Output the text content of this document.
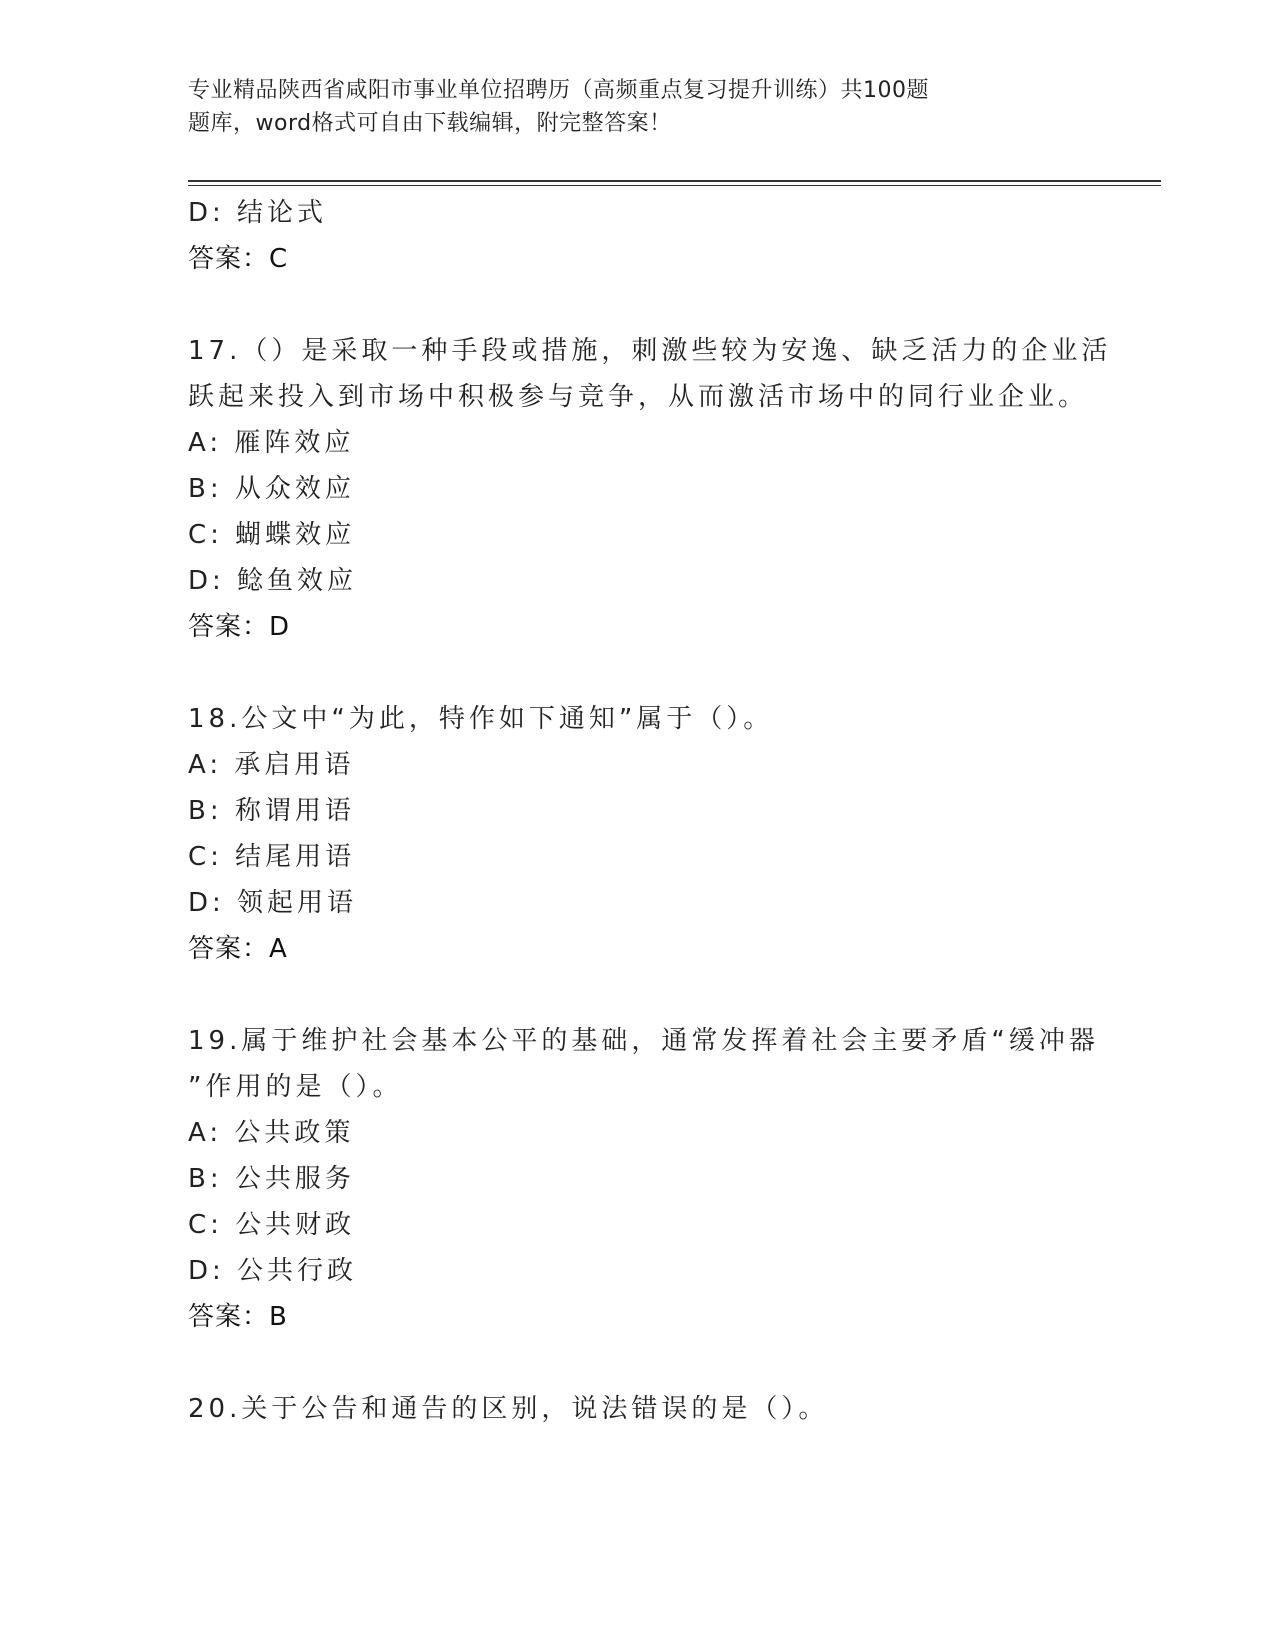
专业精品陕西省咸阳市事业单位招聘历（高频重点复习提升训练）共100题
题库，word格式可自由下载编辑，附完整答案！
D: 结论式
答案：C
17.（）是采取一种手段或措施，刺激些较为安逸、缺乏活力的企业活
跃起来投入到市场中积极参与竞争，从而激活市场中的同行业企业。
A: 雁阵效应
B: 从众效应
C: 蝴蝶效应
D: 鲶鱼效应
答案：D
18.公文中“为此，特作如下通知”属于（）。
A: 承启用语
B: 称谓用语
C: 结尾用语
D: 领起用语
答案：A
19.属于维护社会基本公平的基础，通常发挥着社会主要矛盾“缓冲器
”作用的是（）。
A: 公共政策
B: 公共服务
C: 公共财政
D: 公共行政
答案：B
20.关于公告和通告的区别，说法错误的是（）。
